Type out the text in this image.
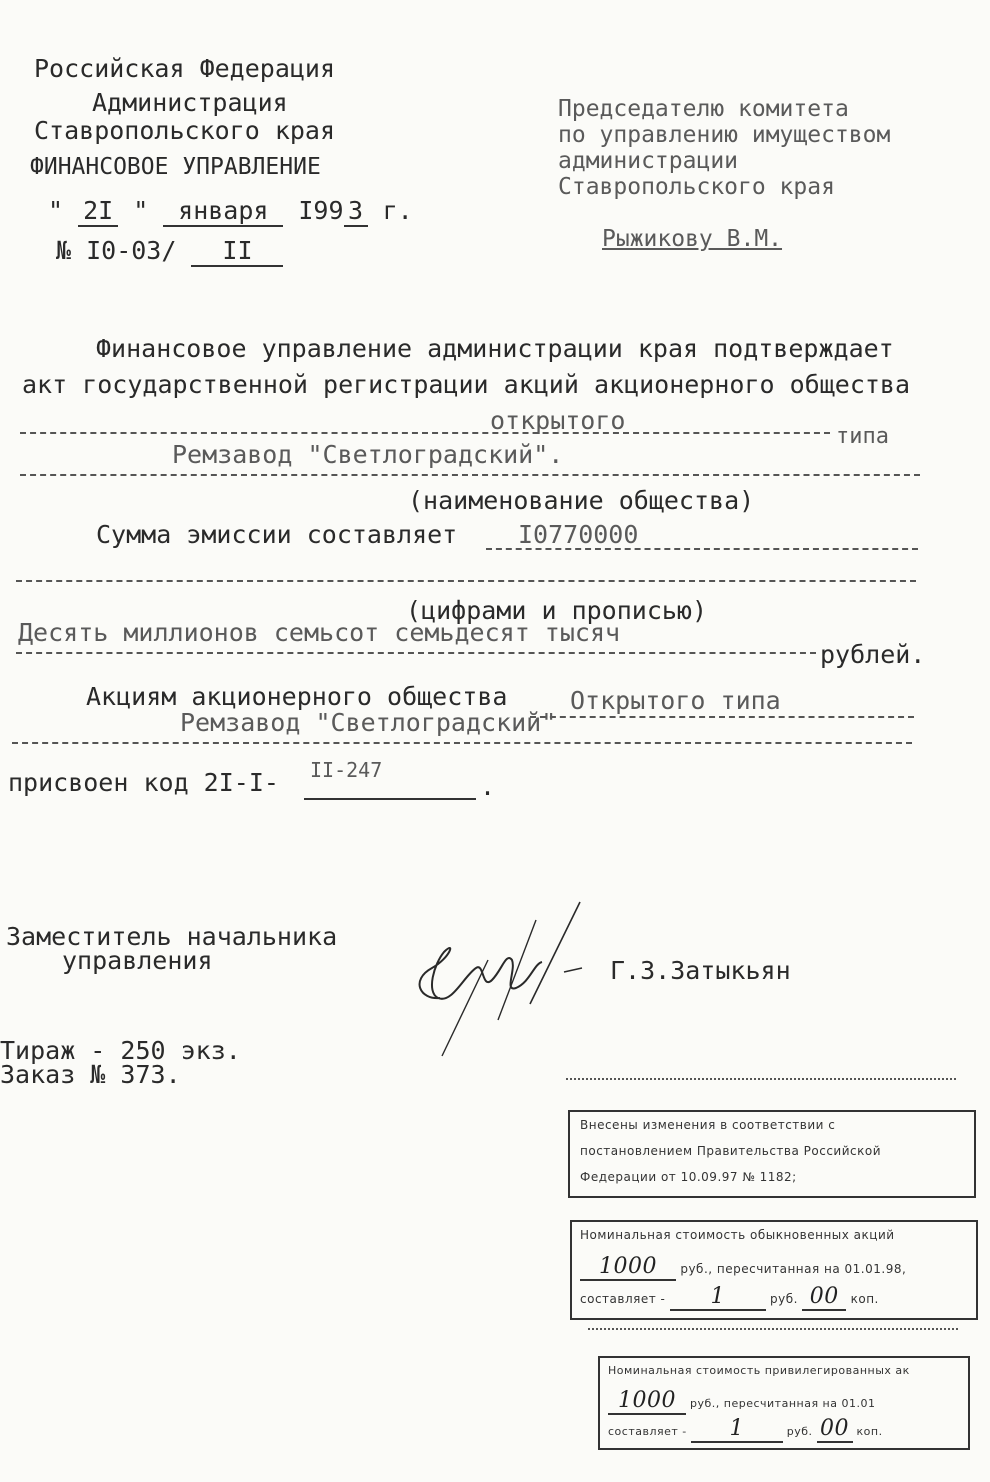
Российская Федерация
Администрация
Ставропольского края
ФИНАНСОВОЕ УПРАВЛЕНИЕ
" 2I " января I99 3 г.
№ I0-03/ II
Председателю комитета
по управлению имуществом
администрации
Ставропольского края
Рыжикову В.М.
Финансовое управление администрации края подтверждает
акт государственной регистрации акций акционерного общества
открытого
типа
Ремзавод "Светлоградский".
(наименование общества)
Сумма эмиссии составляет I0770000
(цифрами и прописью)
Десять миллионов семьсот семьдесят тысяч
рублей.
Акциям акционерного общества	Открытого типа
Ремзавод "Светлоградский"
присвоен код 2I-I- II-247
.
Заместитель начальника
управления	Г.З.Затыкьян
Тираж - 250 экз.
Заказ № 373.
Внесены изменения в соответствии с
постановлением Правительства Российской
Федерации от 10.09.97 № 1182;
Номинальная стоимость обыкновенных акций
1000 руб., пересчитанная на 01.01.98,
составляет - 1	руб. 00 коп.
Номинальная стоимость привилегированных ак
1000 руб., пересчитанная на 01.01
составляет - 1	руб. 00 коп.
